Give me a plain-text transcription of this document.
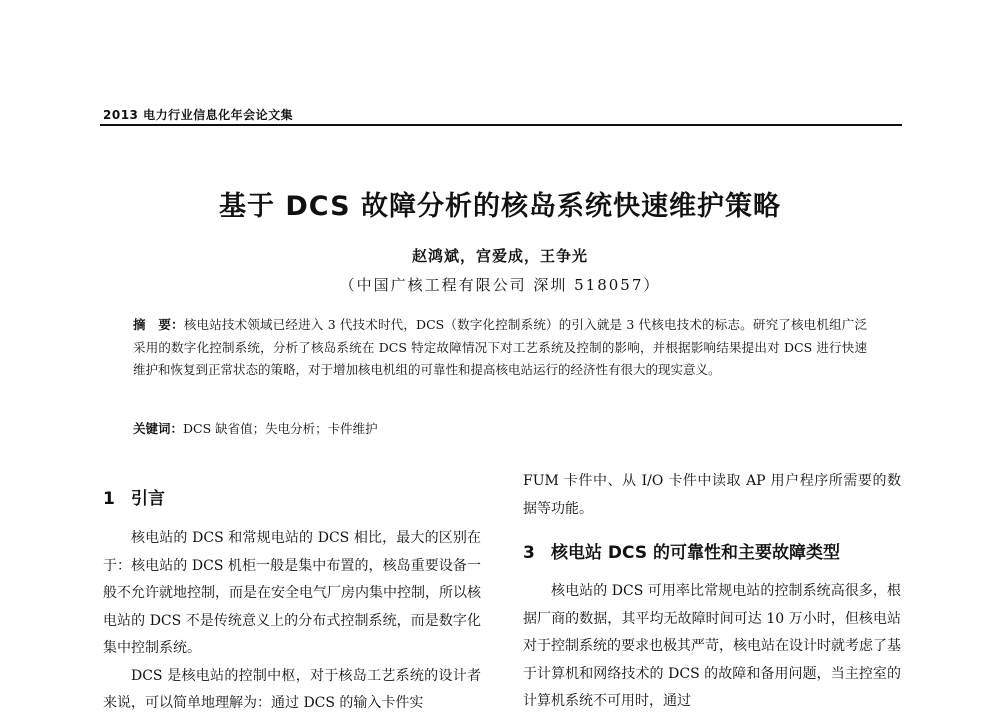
2013 电力行业信息化年会论文集
基于 DCS 故障分析的核岛系统快速维护策略
赵鸿斌，宫爱成，王争光
（中国广核工程有限公司 深圳 518057）
摘　要：核电站技术领域已经进入 3 代技术时代，DCS（数字化控制系统）的引入就是 3 代核电技术的标志。研究了核电机组广泛采用的数字化控制系统，分析了核岛系统在 DCS 特定故障情况下对工艺系统及控制的影响，并根据影响结果提出对 DCS 进行快速维护和恢复到正常状态的策略，对于增加核电机组的可靠性和提高核电站运行的经济性有很大的现实意义。
关键词：DCS 缺省值；失电分析；卡件维护
1 引言

核电站的 DCS 和常规电站的 DCS 相比，最大的区别在于：核电站的 DCS 机柜一般是集中布置的，核岛重要设备一般不允许就地控制，而是在安全电气厂房内集中控制，所以核电站的 DCS 不是传统意义上的分布式控制系统，而是数字化集中控制系统。

DCS 是核电站的控制中枢，对于核岛工艺系统的设计者来说，可以简单地理解为：通过 DCS 的输入卡件实

FUM 卡件中、从 I/O 卡件中读取 AP 用户程序所需要的数据等功能。

3 核电站 DCS 的可靠性和主要故障类型

核电站的 DCS 可用率比常规电站的控制系统高很多，根据厂商的数据，其平均无故障时间可达 10 万小时，但核电站对于控制系统的要求也极其严苛，核电站在设计时就考虑了基于计算机和网络技术的 DCS 的故障和备用问题，当主控室的计算机系统不可用时，通过
